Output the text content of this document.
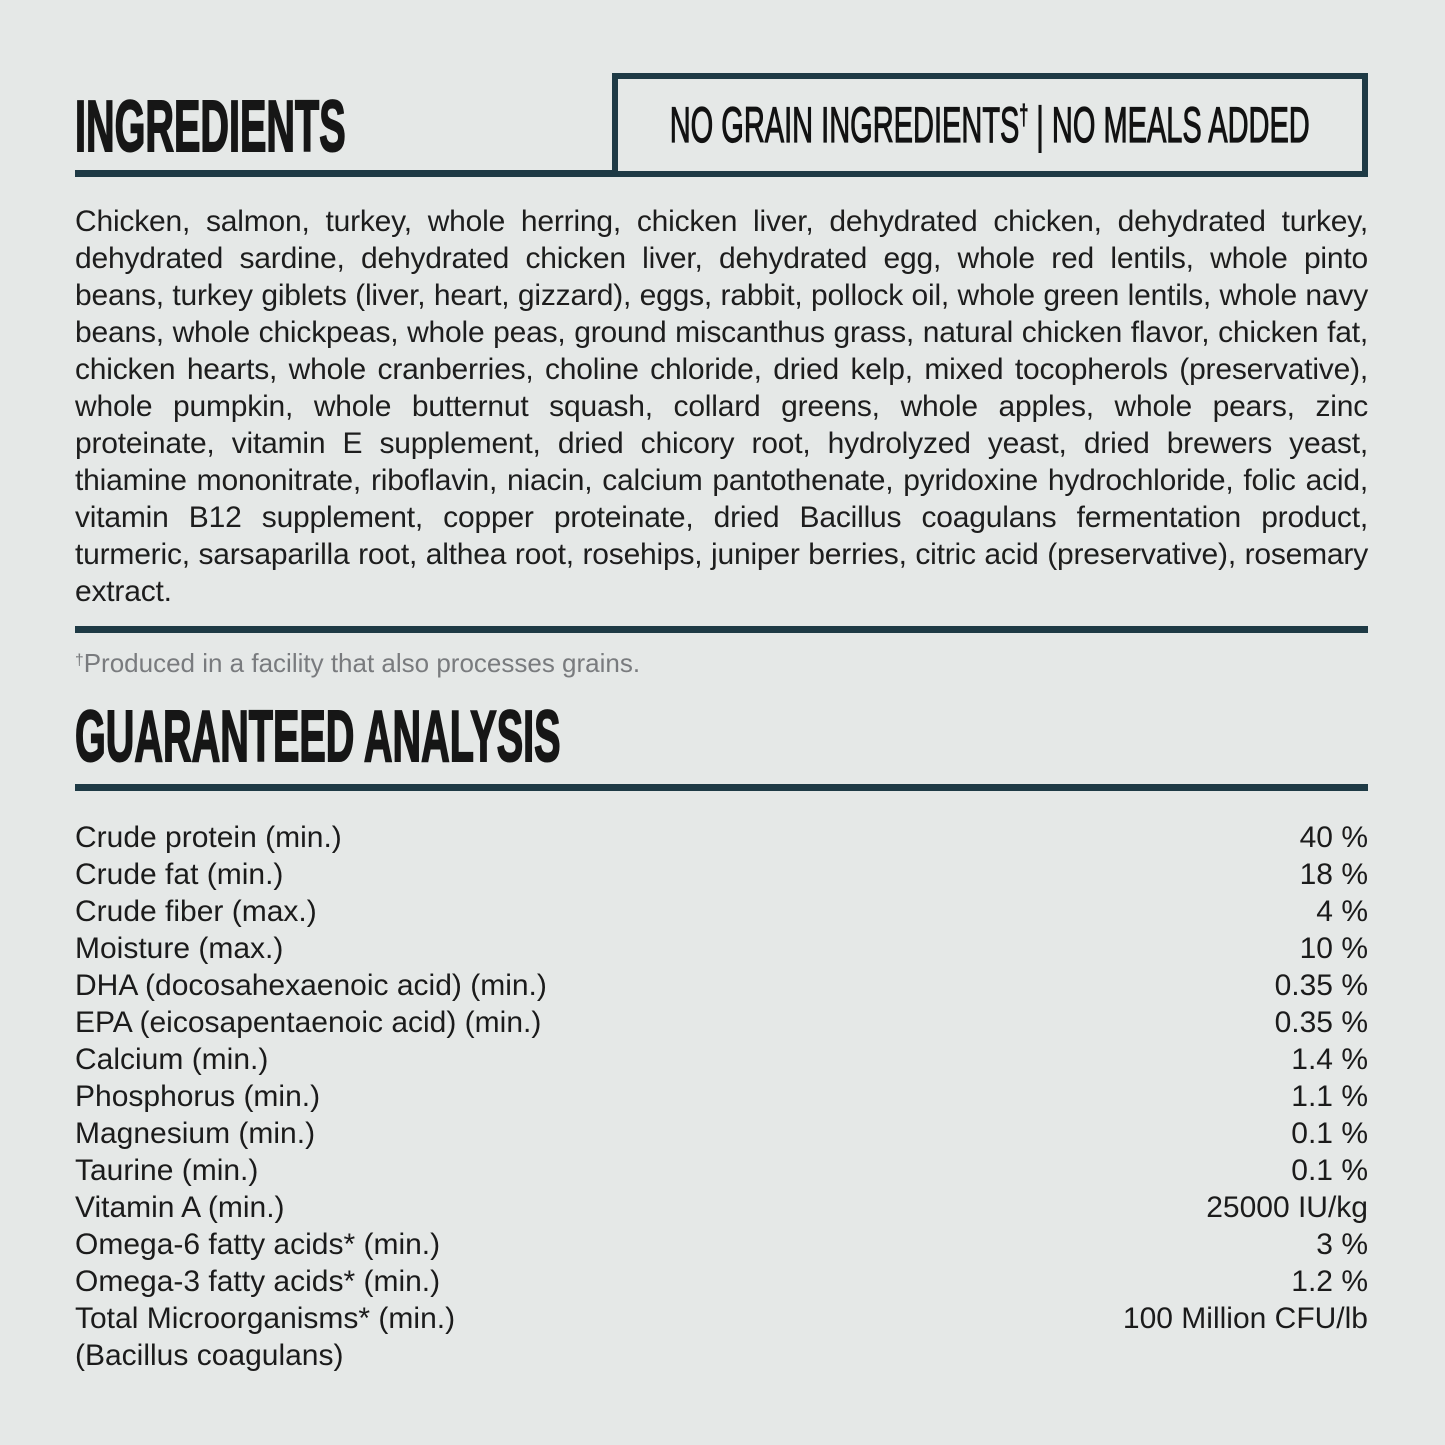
INGREDIENTS	NO GRAIN INGREDIENTS† | NO MEALS ADDED

Chicken, salmon, turkey, whole herring, chicken liver, dehydrated chicken, dehydrated turkey, dehydrated sardine, dehydrated chicken liver, dehydrated egg, whole red lentils, whole pinto beans, turkey giblets (liver, heart, gizzard), eggs, rabbit, pollock oil, whole green lentils, whole navy beans, whole chickpeas, whole peas, ground miscanthus grass, natural chicken flavor, chicken fat, chicken hearts, whole cranberries, choline chloride, dried kelp, mixed tocopherols (preservative), whole pumpkin, whole butternut squash, collard greens, whole apples, whole pears, zinc proteinate, vitamin E supplement, dried chicory root, hydrolyzed yeast, dried brewers yeast, thiamine mononitrate, riboflavin, niacin, calcium pantothenate, pyridoxine hydrochloride, folic acid, vitamin B12 supplement, copper proteinate, dried Bacillus coagulans fermentation product, turmeric, sarsaparilla root, althea root, rosehips, juniper berries, citric acid (preservative), rosemary extract.

†Produced in a facility that also processes grains.

GUARANTEED ANALYSIS
Crude protein (min.)	40 %
Crude fat (min.)	18 %
Crude fiber (max.)	4 %
Moisture (max.)	10 %
DHA (docosahexaenoic acid) (min.)	0.35 %
EPA (eicosapentaenoic acid) (min.)	0.35 %
Calcium (min.)	1.4 %
Phosphorus (min.)	1.1 %
Magnesium (min.)	0.1 %
Taurine (min.)	0.1 %
Vitamin A (min.)	25000 IU/kg
Omega-6 fatty acids* (min.)	3 %
Omega-3 fatty acids* (min.)	1.2 %
Total Microorganisms* (min.)	100 Million CFU/lb
(Bacillus coagulans)
